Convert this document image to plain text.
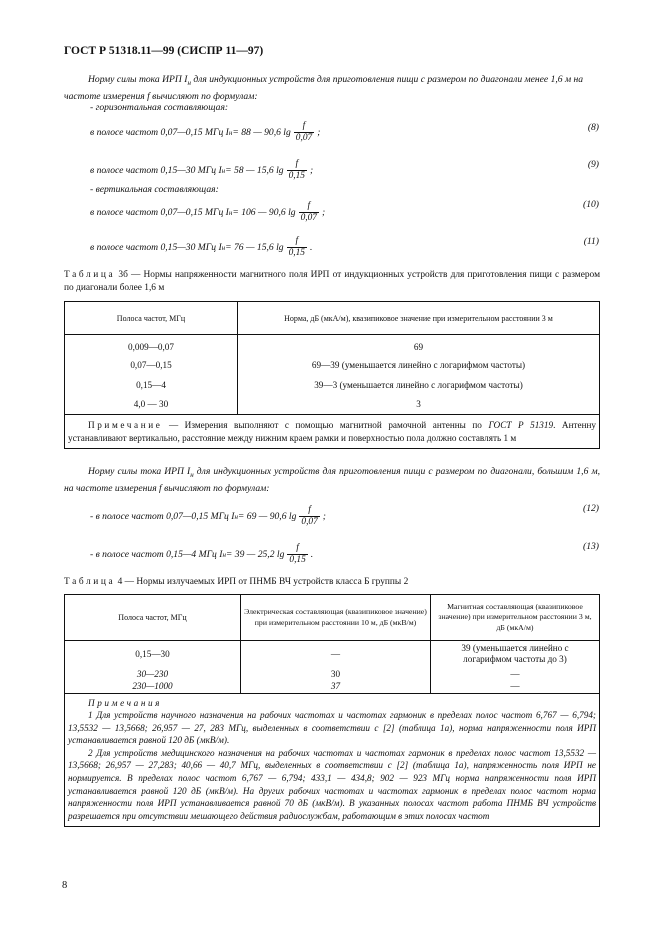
ГОСТ Р 51318.11—99 (СИСПР 11—97)
Норму силы тока ИРП $I_н$ для индукционных устройств для приготовления пищи с размером по диагонали менее 1,6 м на частоте измерения f вычисляют по формулам:
- горизонтальная составляющая:
в полосе частот 0,07—0,15 МГц I н = 88 — 90,6 $\lg \frac{f}{0,07}$ ;	(8)
в полосе частот 0,15—30 МГц I н = 58 — 15,6 $\lg \frac{f}{0,15}$ ;
(9)
- вертикальная составляющая:
в полосе частот 0,07—0,15 МГц I н = 106 — 90,6 $\lg \frac{f}{0,07}$ ;
(10)
в полосе частот 0,15—30 МГц I н = 76 — 15,6 $\lg \frac{f}{0,15}$ .
(11)
Таблица 3б — Нормы напряженности магнитного поля ИРП от индукционных устройств для приготовления пищи с размером по диагонали более 1,6 м
Полоса частот, МГц	Норма, дБ (мкА/м), квазипиковое значение при измерительном расстоянии 3 м
0,009—0,07	69
0,07—0,15	69—39 (уменьшается линейно с логарифмом частоты)
0,15—4	39—3 (уменьшается линейно с логарифмом частоты)
4,0 — 30	3
Примечание — Измерения выполняют с помощью магнитной рамочной антенны по ГОСТ Р 51319. Антенну устанавливают вертикально, расстояние между нижним краем рамки и поверхностью пола должно составлять 1 м	
Норму силы тока ИРП $I_н$ для индукционных устройств для приготовления пищи с размером по диагонали, большим 1,6 м, на частоте измерения f вычисляют по формулам:
- в полосе частот 0,07—0,15 МГц I н = 69 — 90,6 $\lg \frac{f}{0,07}$ ;
(12)
- в полосе частот 0,15—4 МГц I н = 39 — 25,2 $\lg \frac{f}{0,15}$ .
(13)
Таблица 4 — Нормы излучаемых ИРП от ПНМБ ВЧ устройств класса Б группы 2
Полоса частот, МГц	Электрическая составляющая (квазипиковое значение) при измерительном расстоянии 10 м, дБ (мкВ/м)	Магнитная составляющая (квазипиковое значение) при измерительном расстоянии 3 м, дБ (мкА/м)
0,15—30	—	39 (уменьшается линейно с логарифмом частоты до 3)
30—230	30	—
230—1000	37	—

Примечания
1 Для устройств научного назначения на рабочих частотах и частотах гармоник в пределах полос частот 6,767 — 6,794; 13,5532 — 13,5668; 26,957 — 27, 283 МГц, выделенных в соответствии с [2] (таблица 1а), норма напряженности поля ИРП устанавливается равной 120 дБ (мкВ/м).
2 Для устройств медицинского назначения на рабочих частотах и частотах гармоник в пределах полос частот 13,5532 — 13,5668; 26,957 — 27,283; 40,66 — 40,7 МГц, выделенных в соответствии с [2] (таблица 1а), напряженность поля ИРП не нормируется. В пределах полос частот 6,767 — 6,794; 433,1 — 434,8; 902 — 923 МГц норма напряженности поля ИРП устанавливается равной 120 дБ (мкВ/м). На других рабочих частотах и частотах гармоник в пределах полос частот норма напряженности поля ИРП устанавливается равной 70 дБ (мкВ/м). В указанных полосах частот работа ПНМБ ВЧ устройств разрешается при отсутствии мешающего действия радиослужбам, работающим в этих полосах частот		
8
